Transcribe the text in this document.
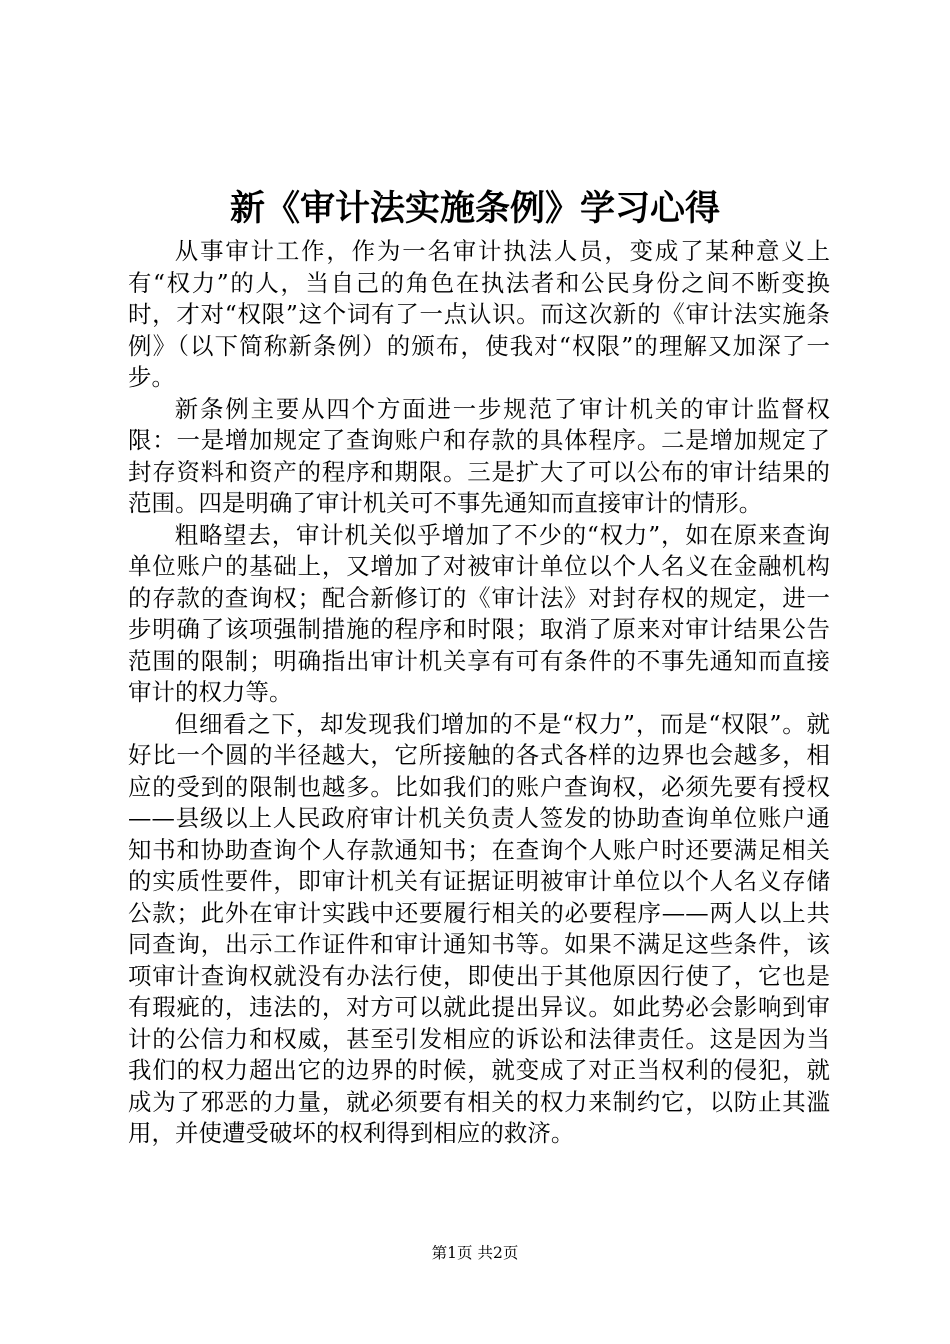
新《审计法实施条例》学习心得

从事审计工作，作为一名审计执法人员，变成了某种意义上有“权力”的人，当自己的角色在执法者和公民身份之间不断变换时，才对“权限”这个词有了一点认识。而这次新的《审计法实施条例》（以下简称新条例）的颁布，使我对“权限”的理解又加深了一步。

新条例主要从四个方面进一步规范了审计机关的审计监督权限：一是增加规定了查询账户和存款的具体程序。二是增加规定了封存资料和资产的程序和期限。三是扩大了可以公布的审计结果的范围。四是明确了审计机关可不事先通知而直接审计的情形。

粗略望去，审计机关似乎增加了不少的“权力”，如在原来查询单位账户的基础上，又增加了对被审计单位以个人名义在金融机构的存款的查询权；配合新修订的《审计法》对封存权的规定，进一步明确了该项强制措施的程序和时限；取消了原来对审计结果公告范围的限制；明确指出审计机关享有可有条件的不事先通知而直接审计的权力等。

但细看之下，却发现我们增加的不是“权力”，而是“权限”。就好比一个圆的半径越大，它所接触的各式各样的边界也会越多，相应的受到的限制也越多。比如我们的账户查询权，必须先要有授权——县级以上人民政府审计机关负责人签发的协助查询单位账户通知书和协助查询个人存款通知书；在查询个人账户时还要满足相关的实质性要件，即审计机关有证据证明被审计单位以个人名义存储公款；此外在审计实践中还要履行相关的必要程序——两人以上共同查询，出示工作证件和审计通知书等。如果不满足这些条件，该项审计查询权就没有办法行使，即使出于其他原因行使了，它也是有瑕疵的，违法的，对方可以就此提出异议。如此势必会影响到审计的公信力和权威，甚至引发相应的诉讼和法律责任。这是因为当我们的权力超出它的边界的时候，就变成了对正当权利的侵犯，就成为了邪恶的力量，就必须要有相关的权力来制约它，以防止其滥用，并使遭受破坏的权利得到相应的救济。

第1页 共2页
